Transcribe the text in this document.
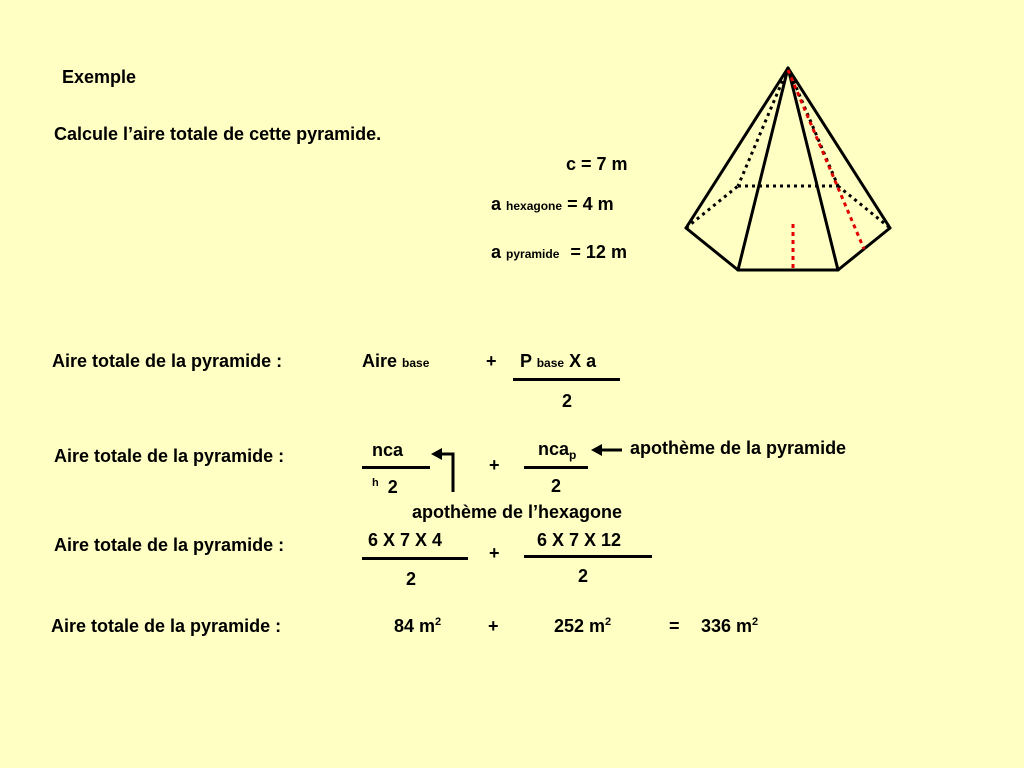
Exemple
Calcule l’aire totale de cette pyramide.
c = 7 m
a hexagone = 4 m
a pyramide = 12 m
Aire totale de la pyramide :	Aire base	+ P base X a
2
Aire totale de la pyramide :	nca
$^h$ 2
+
nca$_p$
2
apothème de la pyramide
apothème de l’hexagone
Aire totale de la pyramide :	6 X 7 X 4
2
+
6 X 7 X 12
2
Aire totale de la pyramide :	84 $m^2$	+	252 $m^2$	= 336 $m^2$
